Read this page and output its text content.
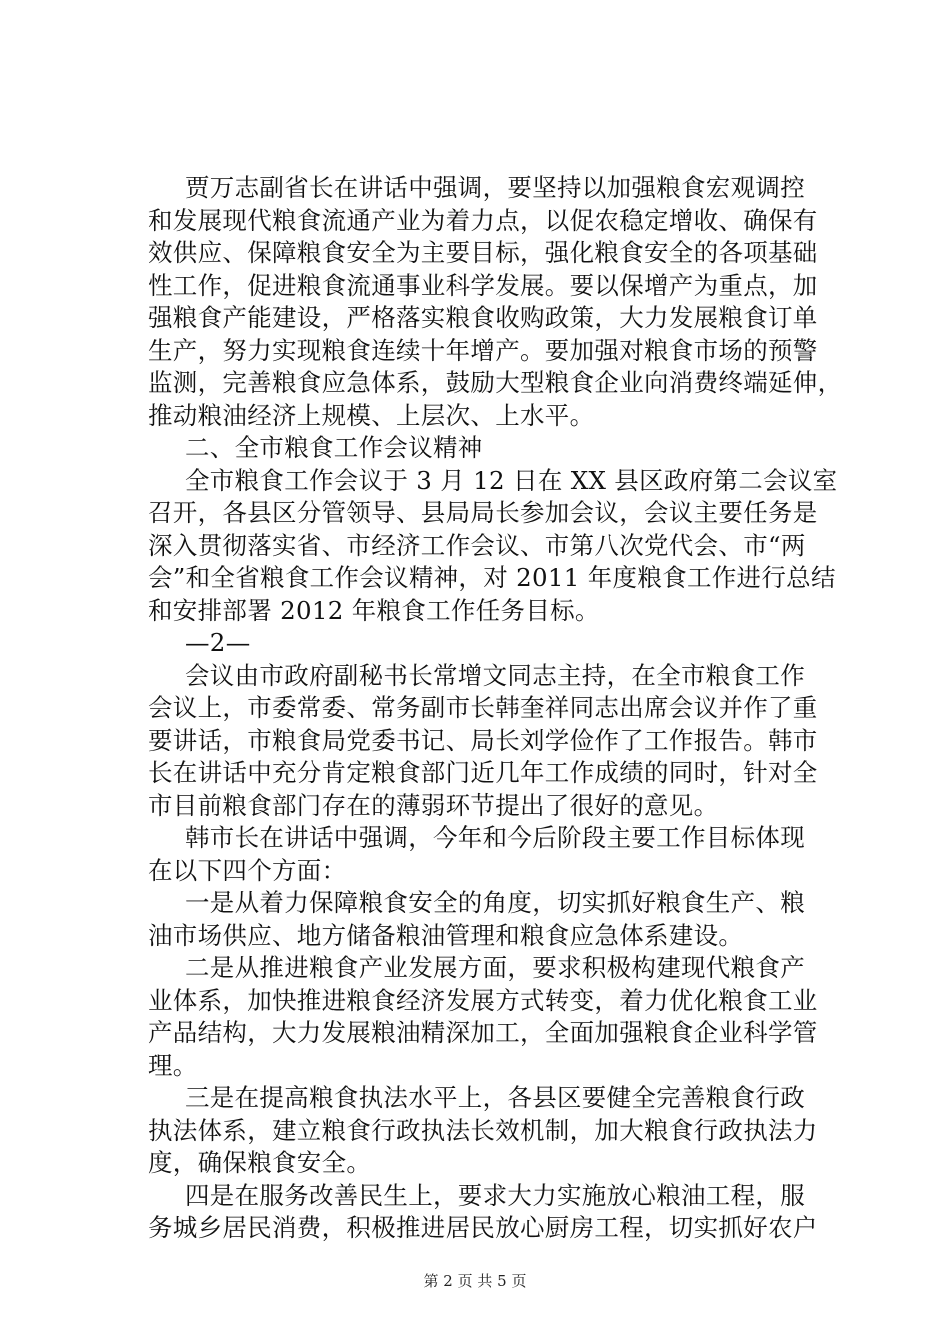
贾万志副省长在讲话中强调，要坚持以加强粮食宏观调控

和发展现代粮食流通产业为着力点，以促农稳定增收、确保有

效供应、保障粮食安全为主要目标，强化粮食安全的各项基础

性工作，促进粮食流通事业科学发展。要以保增产为重点，加

强粮食产能建设，严格落实粮食收购政策，大力发展粮食订单

生产，努力实现粮食连续十年增产。要加强对粮食市场的预警

监测，完善粮食应急体系，鼓励大型粮食企业向消费终端延伸，

推动粮油经济上规模、上层次、上水平。

二、全市粮食工作会议精神

全市粮食工作会议于 3 月 12 日在 XX 县区政府第二会议室

召开，各县区分管领导、县局局长参加会议，会议主要任务是

深入贯彻落实省、市经济工作会议、市第八次党代会、市“两

会”和全省粮食工作会议精神，对 2011 年度粮食工作进行总结

和安排部署 2012 年粮食工作任务目标。

—2—

会议由市政府副秘书长常增文同志主持，在全市粮食工作

会议上，市委常委、常务副市长韩奎祥同志出席会议并作了重

要讲话，市粮食局党委书记、局长刘学俭作了工作报告。韩市

长在讲话中充分肯定粮食部门近几年工作成绩的同时，针对全

市目前粮食部门存在的薄弱环节提出了很好的意见。

韩市长在讲话中强调，今年和今后阶段主要工作目标体现

在以下四个方面：

一是从着力保障粮食安全的角度，切实抓好粮食生产、粮

油市场供应、地方储备粮油管理和粮食应急体系建设。

二是从推进粮食产业发展方面，要求积极构建现代粮食产

业体系，加快推进粮食经济发展方式转变，着力优化粮食工业

产品结构，大力发展粮油精深加工，全面加强粮食企业科学管

理。

三是在提高粮食执法水平上，各县区要健全完善粮食行政

执法体系，建立粮食行政执法长效机制，加大粮食行政执法力

度，确保粮食安全。

四是在服务改善民生上，要求大力实施放心粮油工程，服

务城乡居民消费，积极推进居民放心厨房工程，切实抓好农户

第 2 页 共 5 页
